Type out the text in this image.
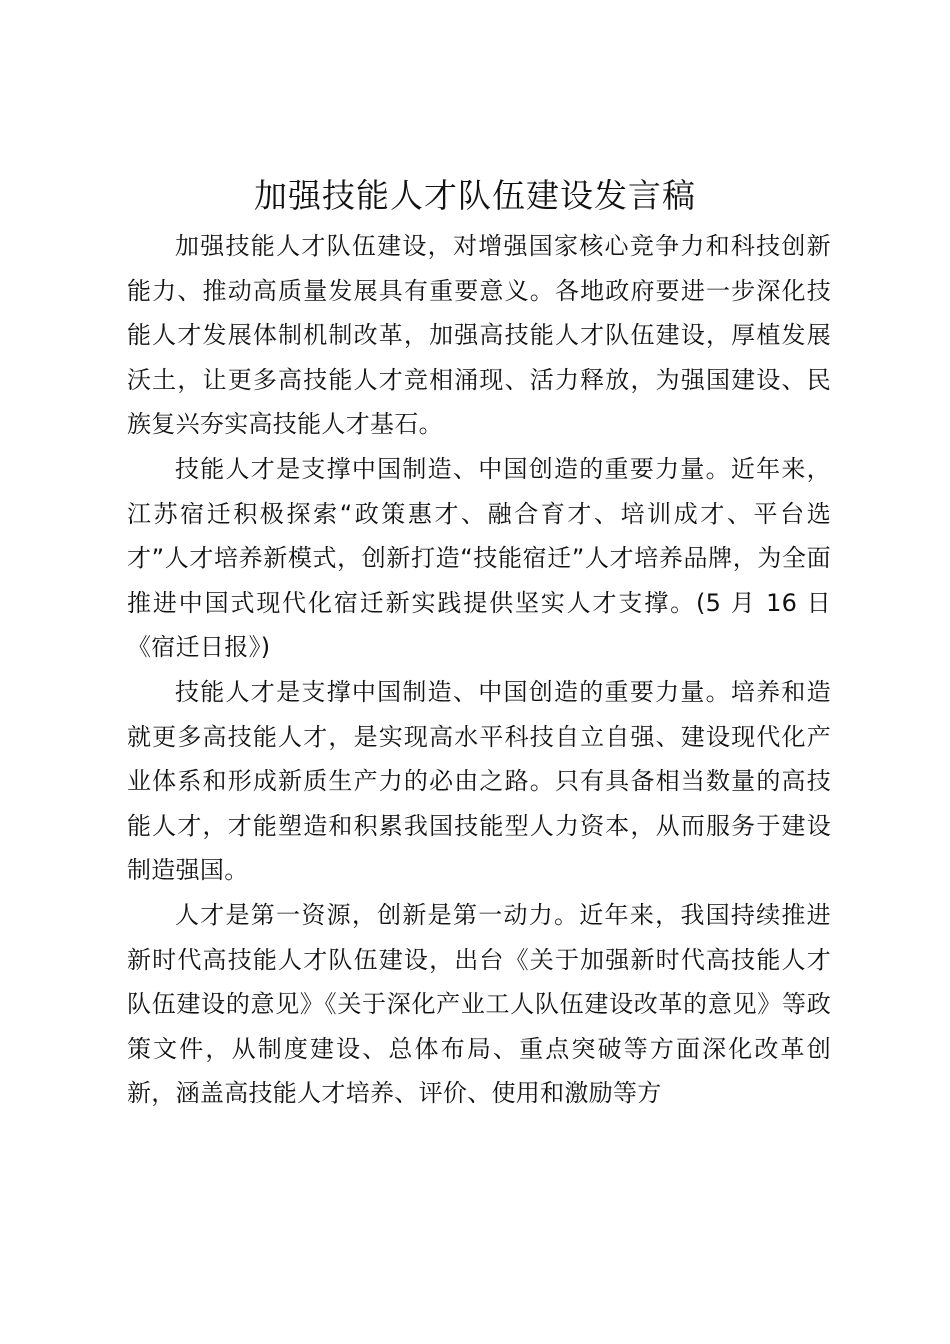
加强技能人才队伍建设发言稿

加强技能人才队伍建设，对增强国家核心竞争力和科技创新能力、推动高质量发展具有重要意义。各地政府要进一步深化技能人才发展体制机制改革，加强高技能人才队伍建设，厚植发展沃土，让更多高技能人才竞相涌现、活力释放，为强国建设、民族复兴夯实高技能人才基石。

技能人才是支撑中国制造、中国创造的重要力量。近年来，江苏宿迁积极探索“政策惠才、融合育才、培训成才、平台选才”人才培养新模式，创新打造“技能宿迁”人才培养品牌，为全面推进中国式现代化宿迁新实践提供坚实人才支撑。(5 月 16 日《宿迁日报》)

技能人才是支撑中国制造、中国创造的重要力量。培养和造就更多高技能人才，是实现高水平科技自立自强、建设现代化产业体系和形成新质生产力的必由之路。只有具备相当数量的高技能人才，才能塑造和积累我国技能型人力资本，从而服务于建设制造强国。

人才是第一资源，创新是第一动力。近年来，我国持续推进新时代高技能人才队伍建设，出台《关于加强新时代高技能人才队伍建设的意见》《关于深化产业工人队伍建设改革的意见》等政策文件，从制度建设、总体布局、重点突破等方面深化改革创新，涵盖高技能人才培养、评价、使用和激励等方
